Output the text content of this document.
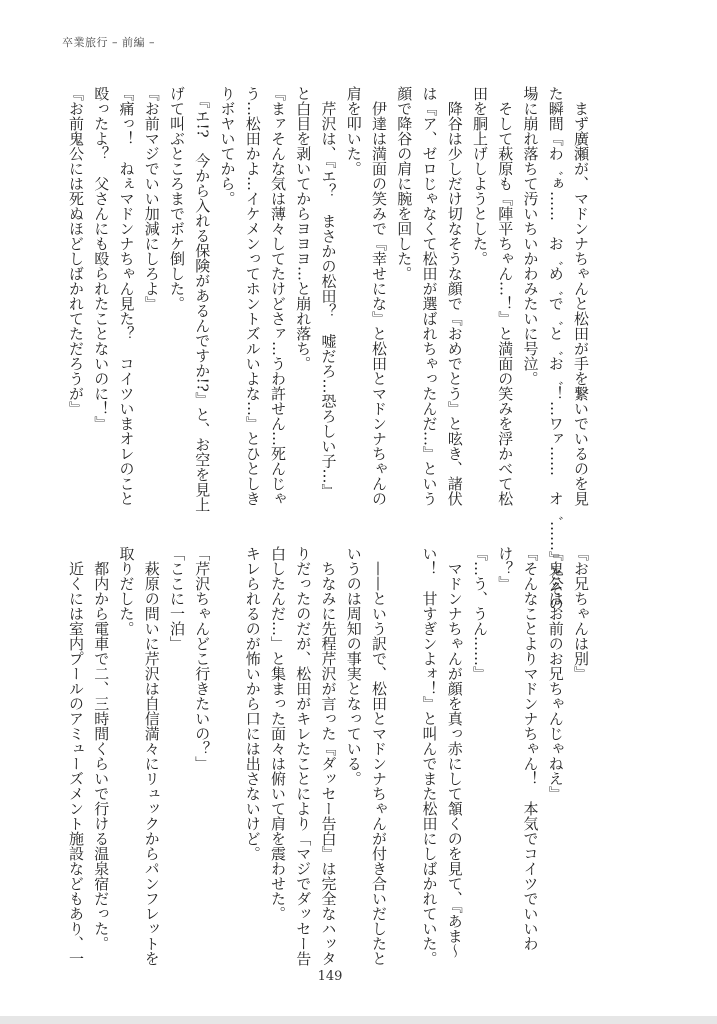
卒業旅行 – 前編 –
　まず廣瀬が、マドンナちゃんと松田が手を繋いでいるのを見
た瞬間『わ゛ぁ……　お゛め゛で゛と゛お゛！…ワァ……　オ゛……』とその
場に崩れ落ちて汚いちいかわみたいに号泣。
　そして萩原も『陣平ちゃん…！』と満面の笑みを浮かべて松
田を胴上げしようとした。
　降谷は少しだけ切なそうな顔で『おめでとう』と呟き、諸伏
は『ア、ゼロじゃなくて松田が選ばれちゃったんだ…』という
顔で降谷の肩に腕を回した。
　伊達は満面の笑みで『幸せにな』と松田とマドンナちゃんの
肩を叩いた。
　芹沢は、『エ？　まさかの松田？　嘘だろ…恐ろしい子…』
と白目を剥いてからヨヨヨ…と崩れ落ち。
『まァそんな気は薄々してたけどさァ…うわ許せん…死んじゃ
う…松田かよ…イケメンってホントズルいよな…』とひとしき
りボヤいてから。
　『エ!?　今から入れる保険があるんですか!?』と、お空を見上
げて叫ぶところまでボケ倒した。
『お前マジでいい加減にしろよ』
『痛っ！　ねぇマドンナちゃん見た？　コイツいまオレのこと
殴ったよ？　父さんにも殴られたことないのに！』
『お前鬼公には死ぬほどしばかれてただろうが』
『お兄ちゃんは別』
『鬼公はお前のお兄ちゃんじゃねえ』
『そんなことよりマドンナちゃん！　本気でコイツでいいわ
け？』
『…う、うん……』
　マドンナちゃんが顔を真っ赤にして頷くのを見て、『あま〜
い！　甘すぎンよォ！』と叫んでまた松田にしばかれていた。
　——という訳で、松田とマドンナちゃんが付き合いだしたと
いうのは周知の事実となっている。
　ちなみに先程芹沢が言った『ダッセー告白』は完全なハッタ
りだったのだが、松田がキレたことにより「マジでダッセー告
白したんだ…」と集まった面々は俯いて肩を震わせた。
キレられるのが怖いから口には出さないけど。
「芹沢ちゃんどこ行きたいの？」
「ここに一泊」
　萩原の問いに芹沢は自信満々にリュックからパンフレットを
取りだした。
　都内から電車で二、三時間くらいで行ける温泉宿だった。
　近くには室内プールのアミューズメント施設などもあり、一
149
